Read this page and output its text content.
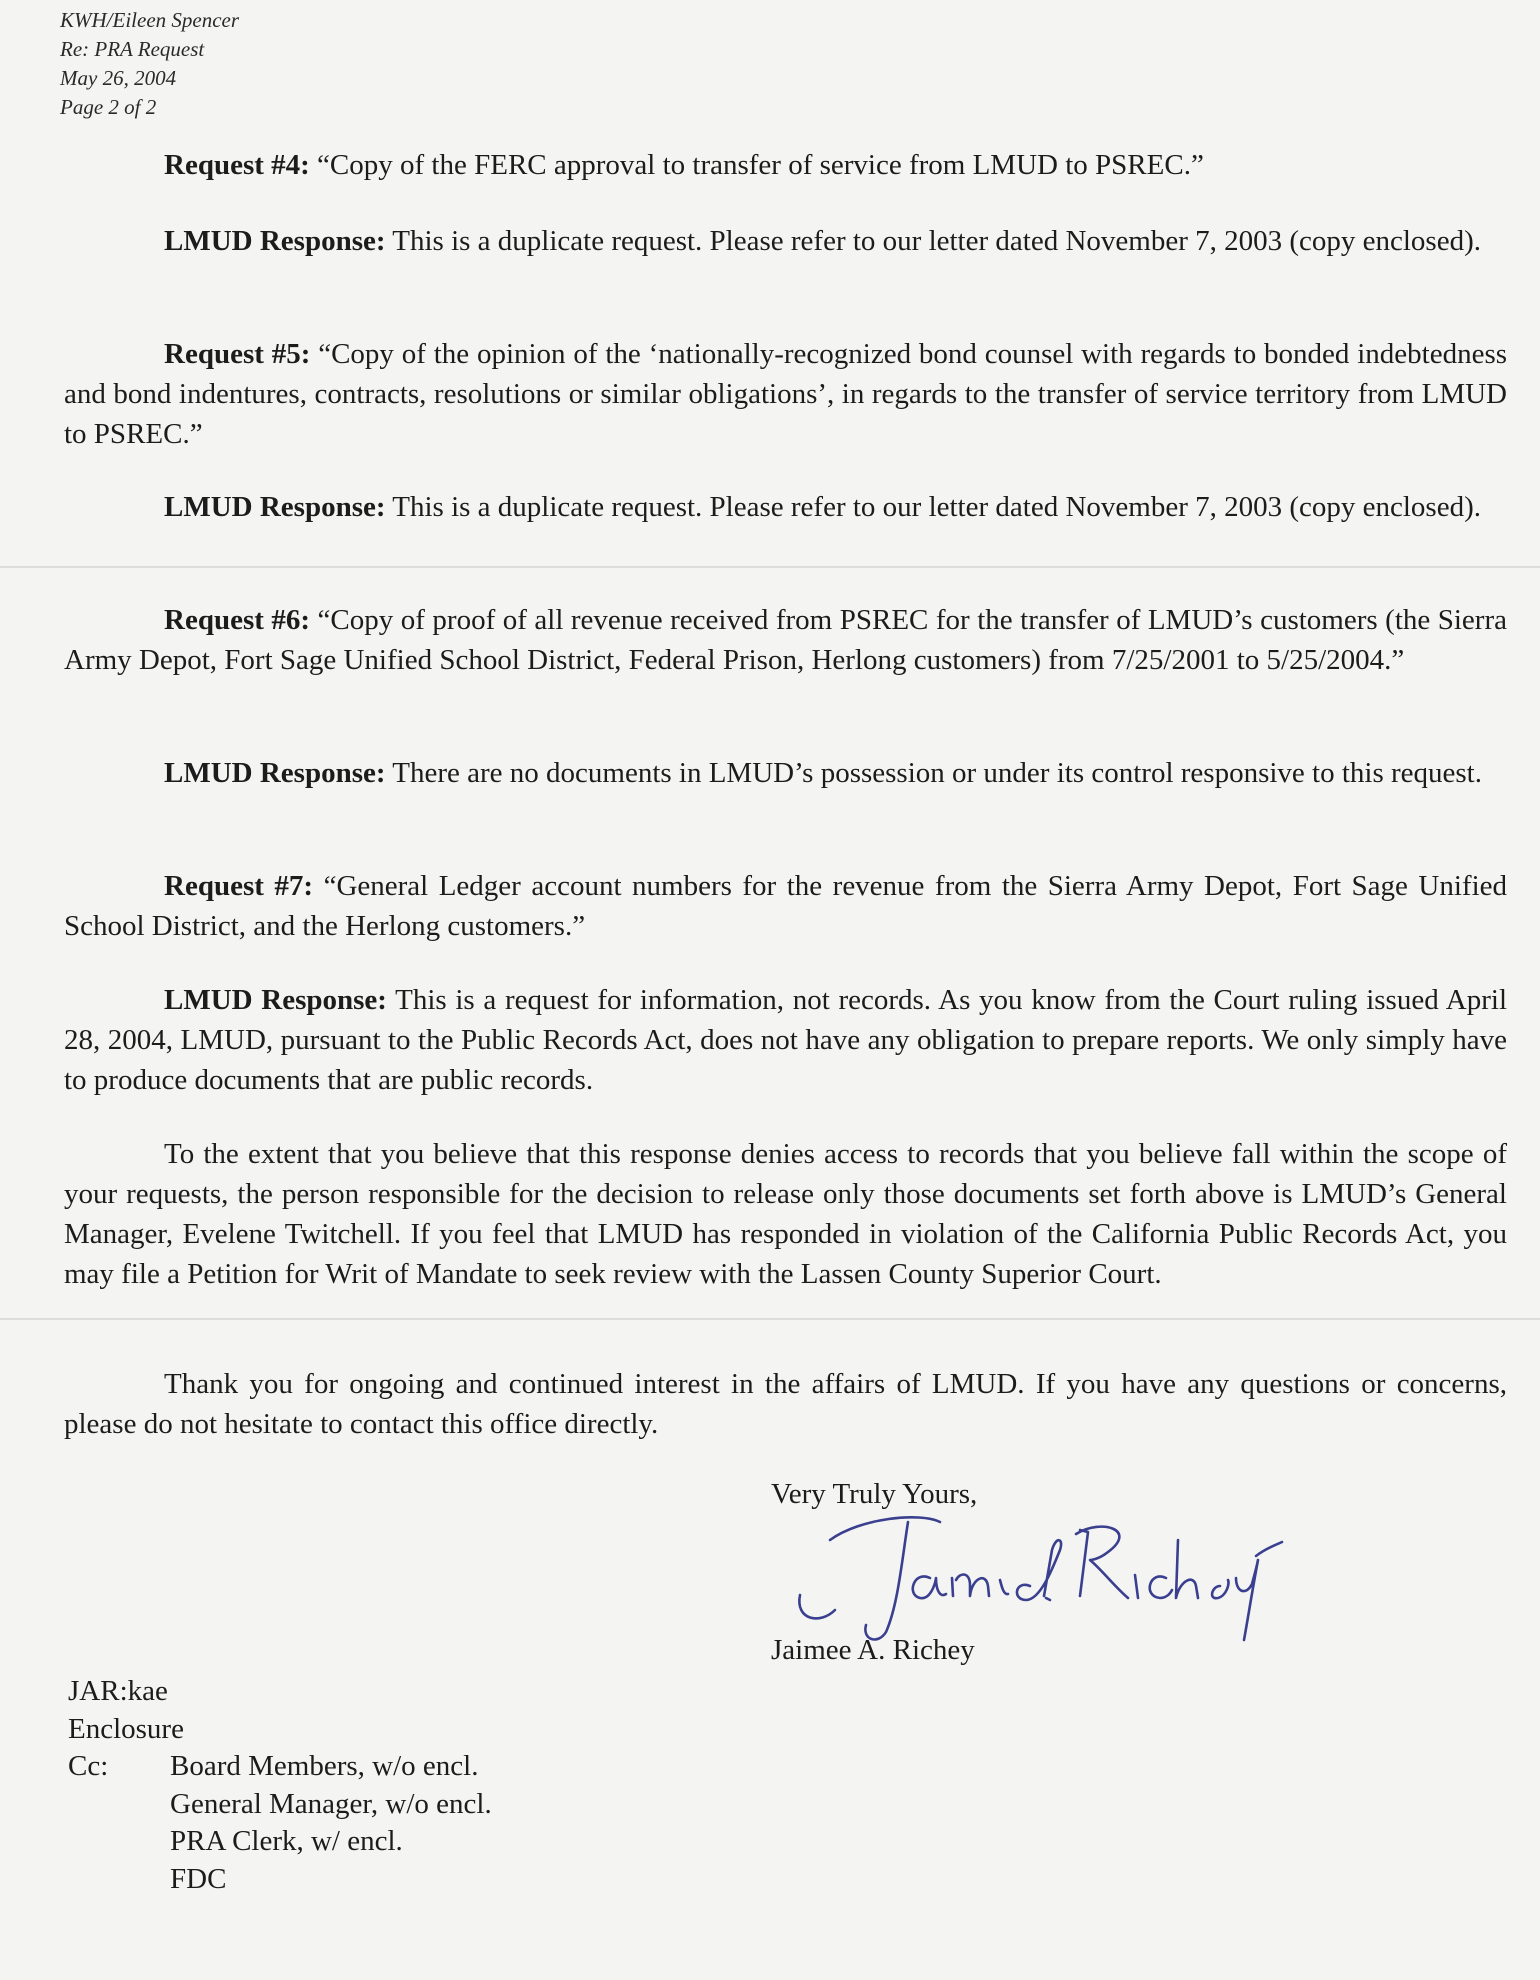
KWH/Eileen Spencer
Re: PRA Request
May 26, 2004
Page 2 of 2

Request #4: “Copy of the FERC approval to transfer of service from LMUD to PSREC.”

LMUD Response: This is a duplicate request. Please refer to our letter dated November 7, 2003 (copy enclosed).

Request #5: “Copy of the opinion of the ‘nationally-recognized bond counsel with regards to bonded indebtedness and bond indentures, contracts, resolutions or similar obligations’, in regards to the transfer of service territory from LMUD to PSREC.”

LMUD Response: This is a duplicate request. Please refer to our letter dated November 7, 2003 (copy enclosed).

Request #6: “Copy of proof of all revenue received from PSREC for the transfer of LMUD’s customers (the Sierra Army Depot, Fort Sage Unified School District, Federal Prison, Herlong customers) from 7/25/2001 to 5/25/2004.”

LMUD Response: There are no documents in LMUD’s possession or under its control responsive to this request.

Request #7: “General Ledger account numbers for the revenue from the Sierra Army Depot, Fort Sage Unified School District, and the Herlong customers.”

LMUD Response: This is a request for information, not records. As you know from the Court ruling issued April 28, 2004, LMUD, pursuant to the Public Records Act, does not have any obligation to prepare reports. We only simply have to produce documents that are public records.

To the extent that you believe that this response denies access to records that you believe fall within the scope of your requests, the person responsible for the decision to release only those documents set forth above is LMUD’s General Manager, Evelene Twitchell. If you feel that LMUD has responded in violation of the California Public Records Act, you may file a Petition for Writ of Mandate to seek review with the Lassen County Superior Court.

Thank you for ongoing and continued interest in the affairs of LMUD. If you have any questions or concerns, please do not hesitate to contact this office directly.

Very Truly Yours,
Jaimee A. Richey
JAR:kae
Enclosure
Cc:	Board Members, w/o encl.
General Manager, w/o encl.
PRA Clerk, w/ encl.
FDC
